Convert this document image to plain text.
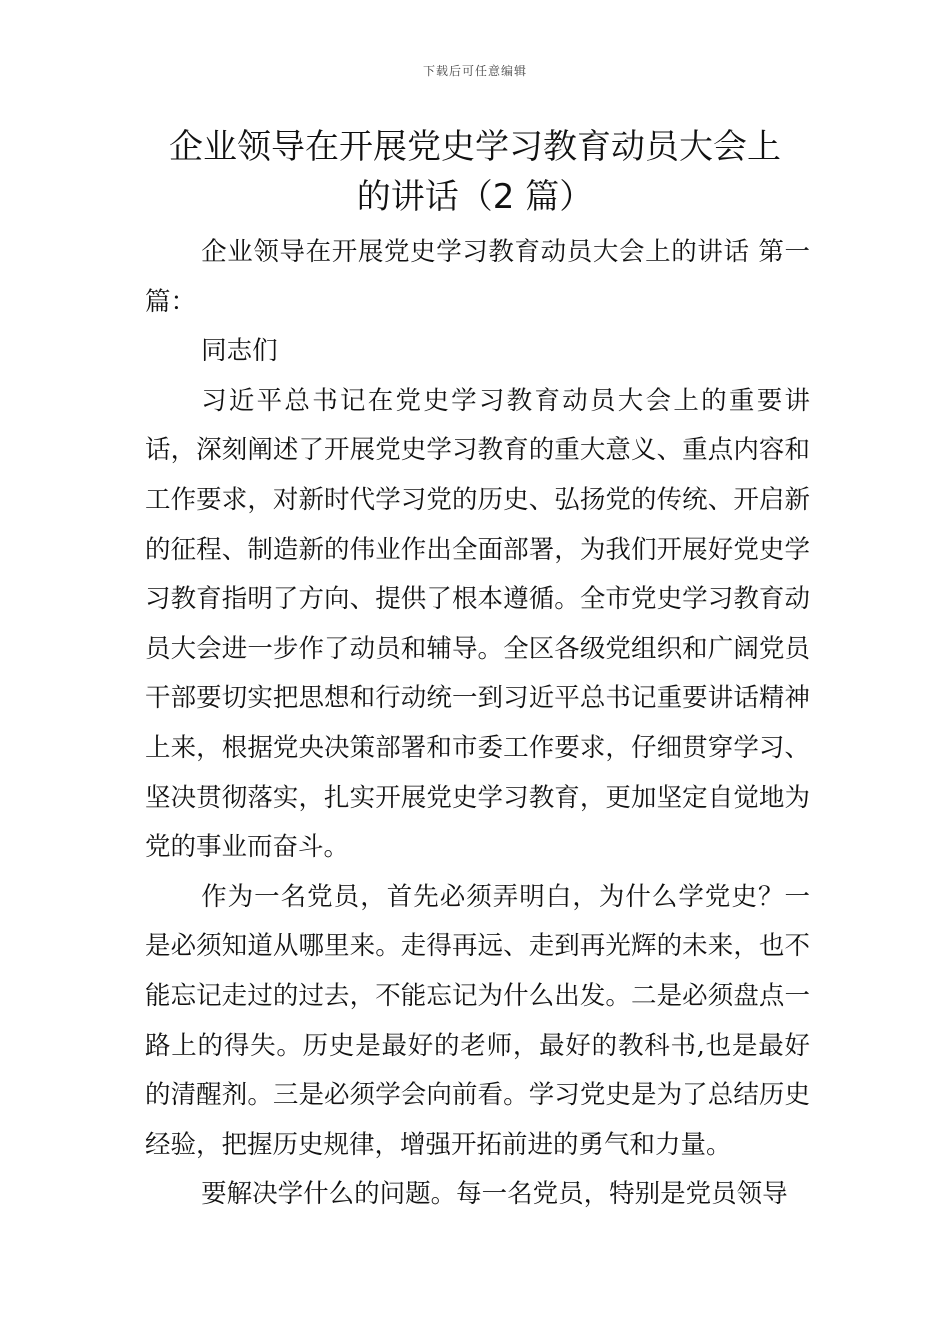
下载后可任意编辑
企业领导在开展党史学习教育动员大会上
的讲话（2 篇）

企业领导在开展党史学习教育动员大会上的讲话 第一篇：

同志们

习近平总书记在党史学习教育动员大会上的重要讲话，深刻阐述了开展党史学习教育的重大意义、重点内容和工作要求，对新时代学习党的历史、弘扬党的传统、开启新的征程、制造新的伟业作出全面部署，为我们开展好党史学习教育指明了方向、提供了根本遵循。全市党史学习教育动员大会进一步作了动员和辅导。全区各级党组织和广阔党员干部要切实把思想和行动统一到习近平总书记重要讲话精神上来，根据党央决策部署和市委工作要求，仔细贯穿学习、坚决贯彻落实，扎实开展党史学习教育，更加坚定自觉地为党的事业而奋斗。

作为一名党员，首先必须弄明白，为什么学党史？一是必须知道从哪里来。走得再远、走到再光辉的未来，也不能忘记走过的过去，不能忘记为什么出发。二是必须盘点一路上的得失。历史是最好的老师，最好的教科书,也是最好的清醒剂。三是必须学会向前看。学习党史是为了总结历史经验，把握历史规律，增强开拓前进的勇气和力量。

要解决学什么的问题。每一名党员，特别是党员领导
